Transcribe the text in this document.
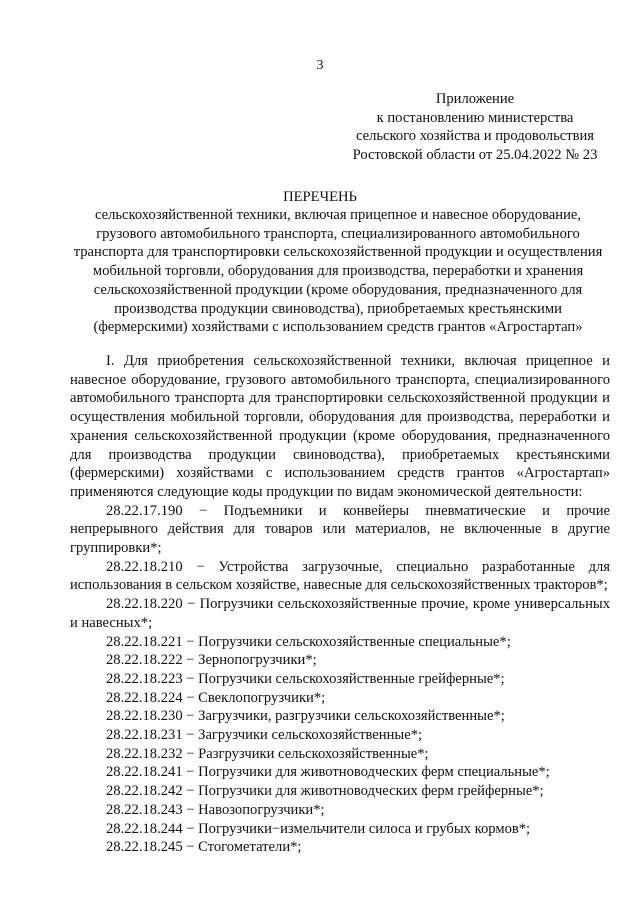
3
Приложение
к постановлению министерства
сельского хозяйства и продовольствия
Ростовской области от 25.04.2022 № 23
ПЕРЕЧЕНЬ
сельскохозяйственной техники, включая прицепное и навесное оборудование, грузового автомобильного транспорта, специализированного автомобильного транспорта для транспортировки сельскохозяйственной продукции и осуществления мобильной торговли, оборудования для производства, переработки и хранения сельскохозяйственной продукции (кроме оборудования, предназначенного для производства продукции свиноводства), приобретаемых крестьянскими (фермерскими) хозяйствами с использованием средств грантов «Агростартап»

I. Для приобретения сельскохозяйственной техники, включая прицепное и навесное оборудование, грузового автомобильного транспорта, специализированного автомобильного транспорта для транспортировки сельскохозяйственной продукции и осуществления мобильной торговли, оборудования для производства, переработки и хранения сельскохозяйственной продукции (кроме оборудования, предназначенного для производства продукции свиноводства), приобретаемых крестьянскими (фермерскими) хозяйствами с использованием средств грантов «Агростартап» применяются следующие коды продукции по видам экономической деятельности:

28.22.17.190 − Подъемники и конвейеры пневматические и прочие непрерывного действия для товаров или материалов, не включенные в другие группировки*;

28.22.18.210 − Устройства загрузочные, специально разработанные для использования в сельском хозяйстве, навесные для сельскохозяйственных тракторов*;

28.22.18.220 − Погрузчики сельскохозяйственные прочие, кроме универсальных и навесных*;

28.22.18.221 − Погрузчики сельскохозяйственные специальные*;

28.22.18.222 − Зернопогрузчики*;

28.22.18.223 − Погрузчики сельскохозяйственные грейферные*;

28.22.18.224 − Свеклопогрузчики*;

28.22.18.230 − Загрузчики, разгрузчики сельскохозяйственные*;

28.22.18.231 − Загрузчики сельскохозяйственные*;

28.22.18.232 − Разгрузчики сельскохозяйственные*;

28.22.18.241 − Погрузчики для животноводческих ферм специальные*;

28.22.18.242 − Погрузчики для животноводческих ферм грейферные*;

28.22.18.243 − Навозопогрузчики*;

28.22.18.244 − Погрузчики−измельчители силоса и грубых кормов*;

28.22.18.245 − Стогометатели*;
